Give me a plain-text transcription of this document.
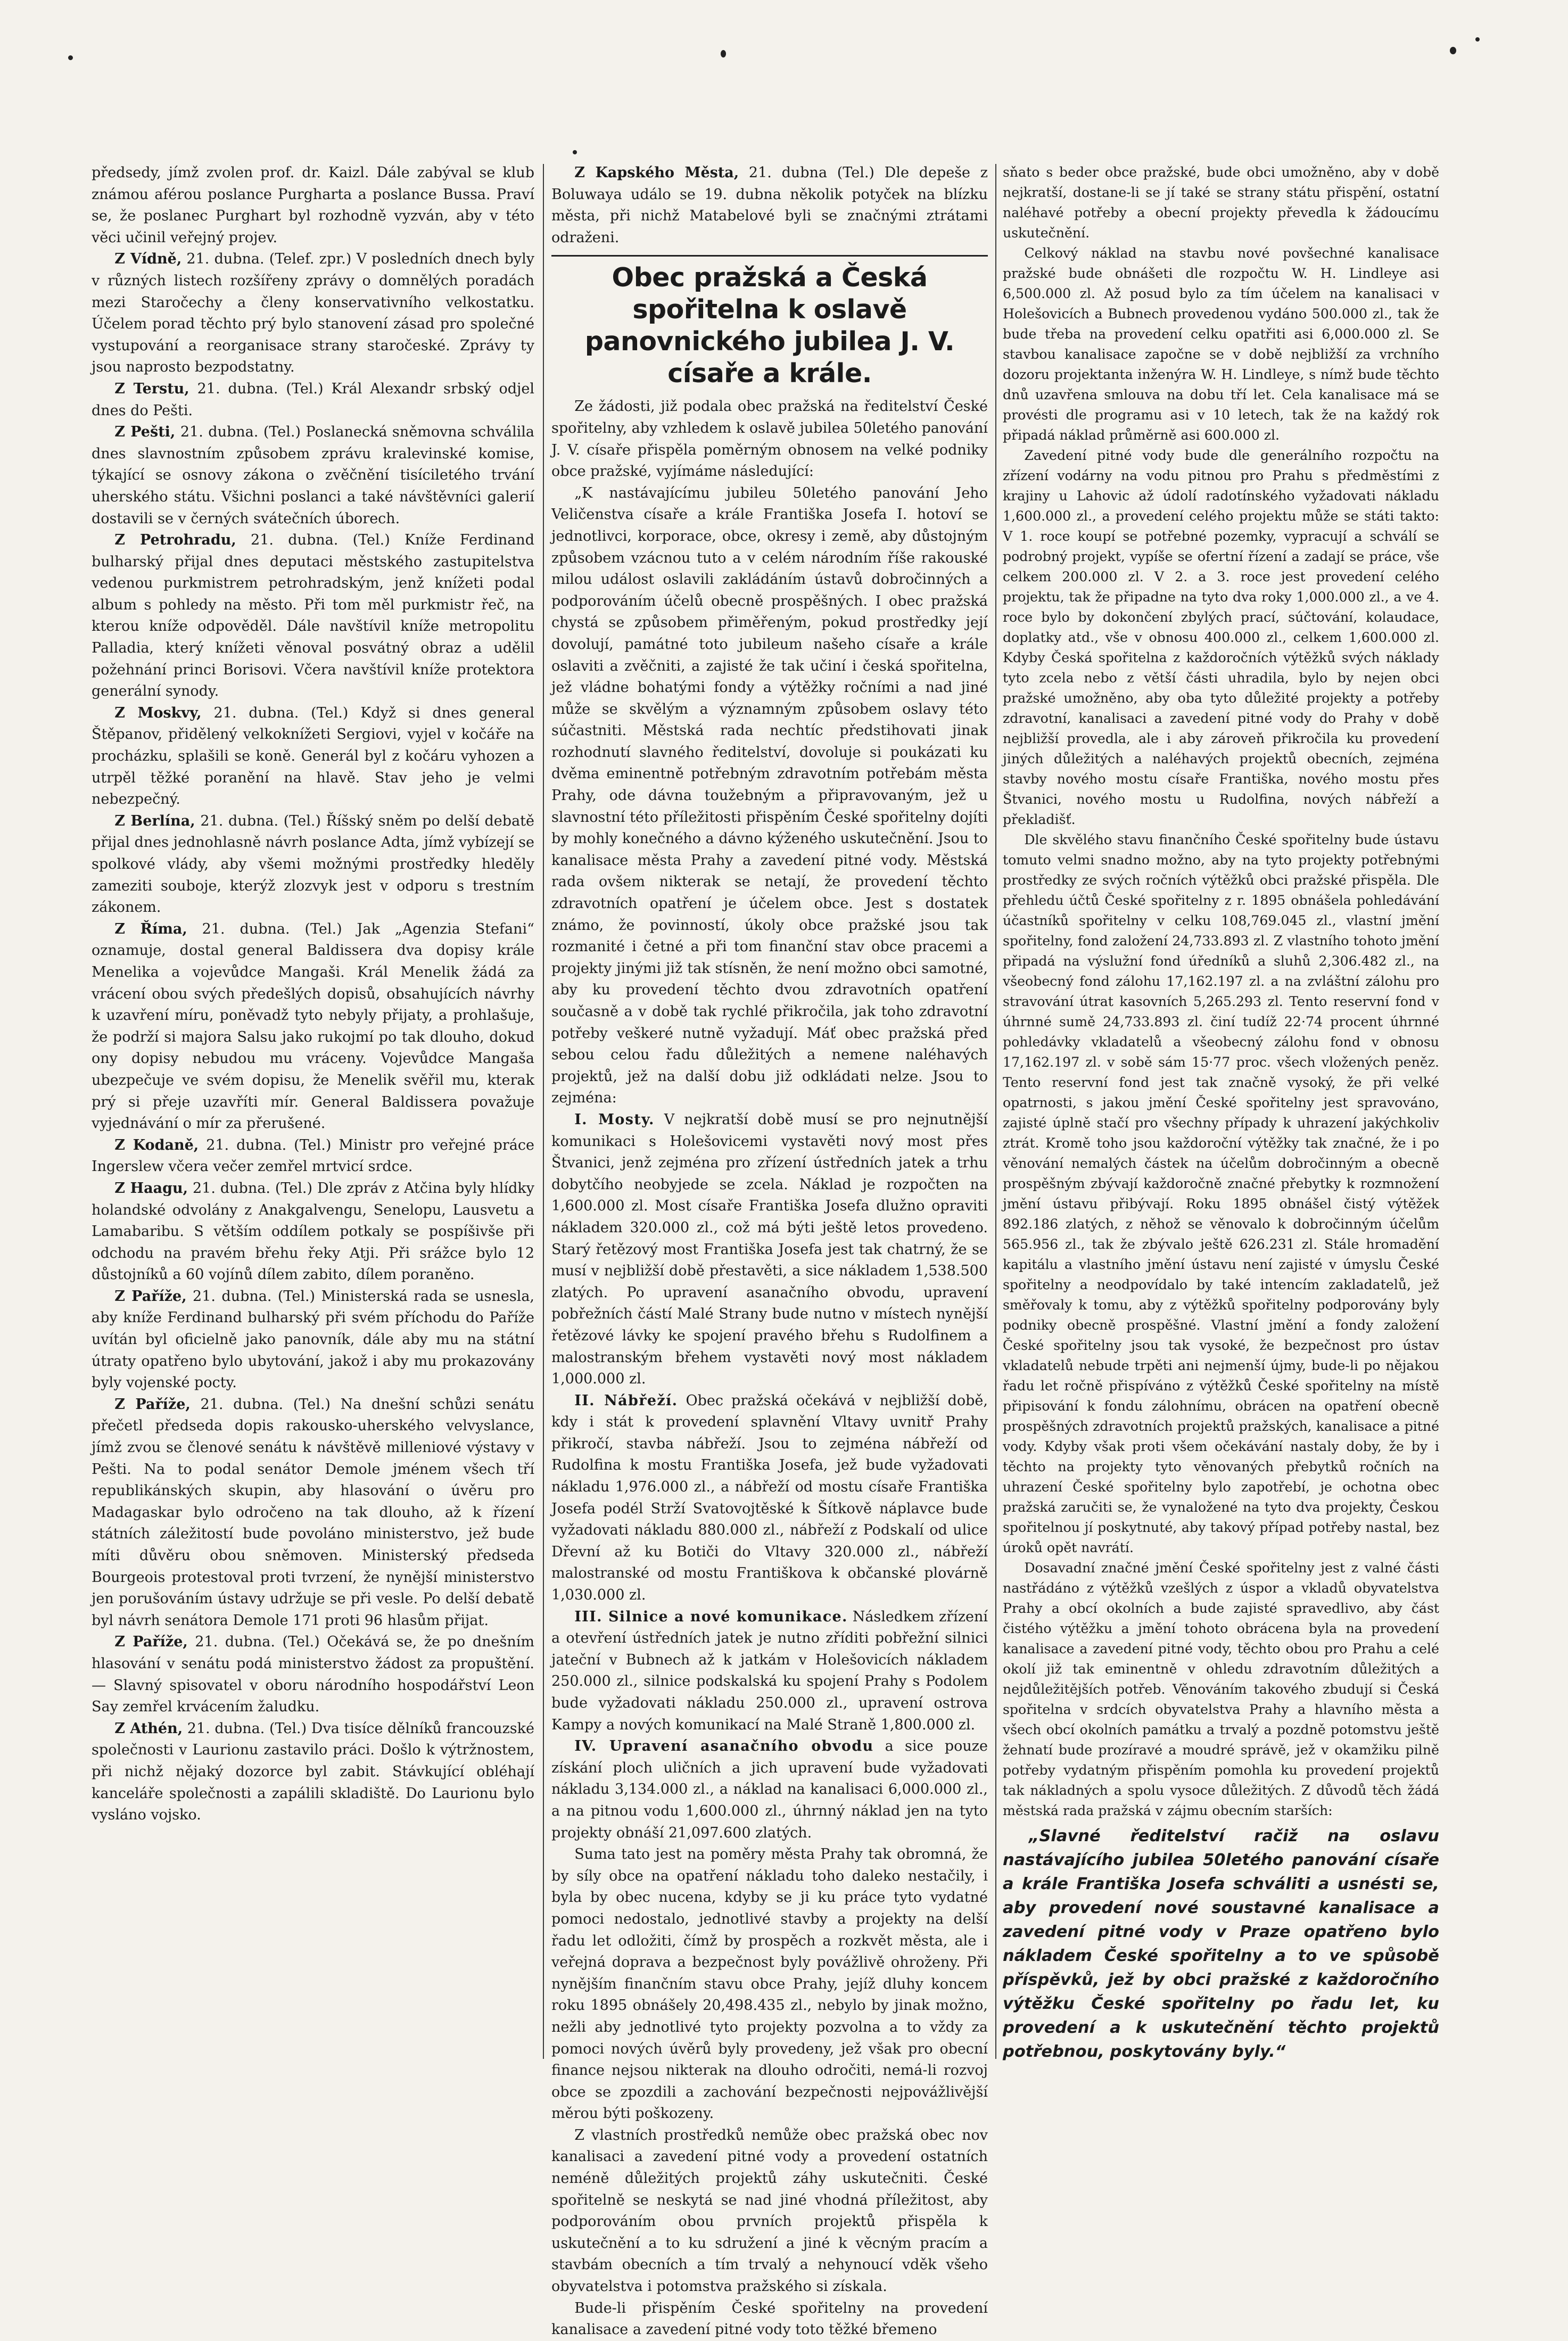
předsedy, jímž zvolen prof. dr. Kaizl. Dále zabýval se klub známou aférou poslance Purgharta a poslance Bussa. Praví se, že poslanec Purghart byl rozhodně vyzván, aby v této věci učinil veřejný projev.

Z Vídně, 21. dubna. (Telef. zpr.) V posledních dnech byly v různých listech rozšířeny zprávy o domnělých poradách mezi Staročechy a členy konservativního velkostatku. Účelem porad těchto prý bylo stanovení zásad pro společné vystupování a reorganisace strany staročeské. Zprávy ty jsou naprosto bezpodstatny.

Z Terstu, 21. dubna. (Tel.) Král Alexandr srbský odjel dnes do Pešti.

Z Pešti, 21. dubna. (Tel.) Poslanecká sněmovna schválila dnes slavnostním způsobem zprávu kralevinské komise, týkající se osnovy zákona o zvěčnění tisíciletého trvání uherského státu. Všichni poslanci a také návštěvníci galerií dostavili se v černých svátečních úborech.

Z Petrohradu, 21. dubna. (Tel.) Kníže Ferdinand bulharský přijal dnes deputaci městského zastupitelstva vedenou purkmistrem petrohradským, jenž knížeti podal album s pohledy na město. Při tom měl purkmistr řeč, na kterou kníže odpověděl. Dále navštívil kníže metropolitu Palladia, který knížeti věnoval posvátný obraz a udělil požehnání princi Borisovi. Včera navštívil kníže protektora generální synody.

Z Moskvy, 21. dubna. (Tel.) Když si dnes general Štěpanov, přidělený velkoknížeti Sergiovi, vyjel v kočáře na procházku, splašili se koně. Generál byl z kočáru vyhozen a utrpěl těžké poranění na hlavě. Stav jeho je velmi nebezpečný.

Z Berlína, 21. dubna. (Tel.) Říšský sněm po delší debatě přijal dnes jednohlasně návrh poslance Adta, jímž vybízejí se spolkové vlády, aby všemi možnými prostředky hleděly zameziti souboje, kterýž zlozvyk jest v odporu s trestním zákonem.

Z Říma, 21. dubna. (Tel.) Jak „Agenzia Stefani“ oznamuje, dostal general Baldissera dva dopisy krále Menelika a vojevůdce Mangaši. Král Menelik žádá za vrácení obou svých předešlých dopisů, obsahujících návrhy k uzavření míru, poněvadž tyto nebyly přijaty, a prohlašuje, že podrží si majora Salsu jako rukojmí po tak dlouho, dokud ony dopisy nebudou mu vráceny. Vojevůdce Mangaša ubezpečuje ve svém dopisu, že Menelik svěřil mu, kterak prý si přeje uzavříti mír. General Baldissera považuje vyjednávání o mír za přerušené.

Z Kodaně, 21. dubna. (Tel.) Ministr pro veřejné práce Ingerslew včera večer zemřel mrtvicí srdce.

Z Haagu, 21. dubna. (Tel.) Dle zpráv z Atčina byly hlídky holandské odvolány z Anakgalvengu, Senelopu, Lausvetu a Lamabaribu. S větším oddílem potkaly se pospíšivše při odchodu na pravém břehu řeky Atji. Při srážce bylo 12 důstojníků a 60 vojínů dílem zabito, dílem poraněno.

Z Paříže, 21. dubna. (Tel.) Ministerská rada se usnesla, aby kníže Ferdinand bulharský při svém příchodu do Paříže uvítán byl oficielně jako panovník, dále aby mu na státní útraty opatřeno bylo ubytování, jakož i aby mu prokazovány byly vojenské pocty.

Z Paříže, 21. dubna. (Tel.) Na dnešní schůzi senátu přečetl předseda dopis rakousko-uherského velvyslance, jímž zvou se členové senátu k návštěvě milleniové výstavy v Pešti. Na to podal senátor Demole jménem všech tří republikánských skupin, aby hlasování o úvěru pro Madagaskar bylo odročeno na tak dlouho, až k řízení státních záležitostí bude povoláno ministerstvo, jež bude míti důvěru obou sněmoven. Ministerský předseda Bourgeois protestoval proti tvrzení, že nynější ministerstvo jen porušováním ústavy udržuje se při vesle. Po delší debatě byl návrh senátora Demole 171 proti 96 hlasům přijat.

Z Paříže, 21. dubna. (Tel.) Očekává se, že po dnešním hlasování v senátu podá ministerstvo žádost za propuštění. — Slavný spisovatel v oboru národního hospodářství Leon Say zemřel krvácením žaludku.

Z Athén, 21. dubna. (Tel.) Dva tisíce dělníků francouzské společnosti v Laurionu zastavilo práci. Došlo k výtržnostem, při nichž nějaký dozorce byl zabit. Stávkující obléhají kanceláře společnosti a zapálili skladiště. Do Laurionu bylo vysláno vojsko.

Z Kapského Města, 21. dubna (Tel.) Dle depeše z Boluwaya událo se 19. dubna několik potyček na blízku města, při nichž Matabelové byli se značnými ztrátami odraženi.

Obec pražská a Česká spořitelna k oslavě panovnického jubilea J. V. císaře a krále.

Ze žádosti, již podala obec pražská na ředitelství České spořitelny, aby vzhledem k oslavě jubilea 50letého panování J. V. císaře přispěla poměrným obnosem na velké podniky obce pražské, vyjímáme následující:

„K nastávajícímu jubileu 50letého panování Jeho Veličenstva císaře a krále Františka Josefa I. hotoví se jednotlivci, korporace, obce, okresy i země, aby důstojným způsobem vzácnou tuto a v celém národním říše rakouské milou událost oslavili zakládáním ústavů dobročinných a podporováním účelů obecně prospěšných. I obec pražská chystá se způsobem přiměřeným, pokud prostředky její dovolují, památné toto jubileum našeho císaře a krále oslaviti a zvěčniti, a zajisté že tak učiní i česká spořitelna, jež vládne bohatými fondy a výtěžky ročními a nad jiné může se skvělým a významným způsobem oslavy této súčastniti. Městská rada nechtíc předstihovati jinak rozhodnutí slavného ředitelství, dovoluje si poukázati ku dvěma eminentně potřebným zdravotním potřebám města Prahy, ode dávna toužebným a připravovaným, jež u slavnostní této příležitosti přispěním České spořitelny dojíti by mohly konečného a dávno kýženého uskutečnění. Jsou to kanalisace města Prahy a zavedení pitné vody. Městská rada ovšem nikterak se netají, že provedení těchto zdravotních opatření je účelem obce. Jest s dostatek známo, že povinností, úkoly obce pražské jsou tak rozmanité i četné a při tom finanční stav obce pracemi a projekty jinými již tak stísněn, že není možno obci samotné, aby ku provedení těchto dvou zdravotních opatření současně a v době tak rychlé přikročila, jak toho zdravotní potřeby veškeré nutně vyžadují. Máť obec pražská před sebou celou řadu důležitých a nemene naléhavých projektů, jež na další dobu již odkládati nelze. Jsou to zejména:

I. Mosty. V nejkratší době musí se pro nejnutnější komunikaci s Holešovicemi vystavěti nový most přes Štvanici, jenž zejména pro zřízení ústředních jatek a trhu dobytčího neobyjede se zcela. Náklad je rozpočten na 1,600.000 zl. Most císaře Františka Josefa dlužno opraviti nákladem 320.000 zl., což má býti ještě letos provedeno. Starý řetězový most Františka Josefa jest tak chatrný, že se musí v nejbližší době přestavěti, a sice nákladem 1,538.500 zlatých. Po upravení asanačního obvodu, upravení pobřežních částí Malé Strany bude nutno v místech nynější řetězové lávky ke spojení pravého břehu s Rudolfinem a malostranským břehem vystavěti nový most nákladem 1,000.000 zl.

II. Nábřeží. Obec pražská očekává v nejbližší době, kdy i stát k provedení splavnění Vltavy uvnitř Prahy přikročí, stavba nábřeží. Jsou to zejména nábřeží od Rudolfina k mostu Františka Josefa, jež bude vyžadovati nákladu 1,976.000 zl., a nábřeží od mostu císaře Františka Josefa podél Strží Svatovojtěské k Šítkově náplavce bude vyžadovati nákladu 880.000 zl., nábřeží z Podskalí od ulice Dřevní až ku Botiči do Vltavy 320.000 zl., nábřeží malostranské od mostu Františkova k občanské plovárně 1,030.000 zl.

III. Silnice a nové komunikace. Následkem zřízení a otevření ústředních jatek je nutno zříditi pobřežní silnici jateční v Bubnech až k jatkám v Holešovicích nákladem 250.000 zl., silnice podskalská ku spojení Prahy s Podolem bude vyžadovati nákladu 250.000 zl., upravení ostrova Kampy a nových komunikací na Malé Straně 1,800.000 zl.

IV. Upravení asanačního obvodu a sice pouze získání ploch uličních a jich upravení bude vyžadovati nákladu 3,134.000 zl., a náklad na kanalisaci 6,000.000 zl., a na pitnou vodu 1,600.000 zl., úhrnný náklad jen na tyto projekty obnáší 21,097.600 zlatých.

Suma tato jest na poměry města Prahy tak obromná, že by síly obce na opatření nákladu toho daleko nestačily, i byla by obec nucena, kdyby se ji ku práce tyto vydatné pomoci nedostalo, jednotlivé stavby a projekty na delší řadu let odložiti, čímž by prospěch a rozkvět města, ale i veřejná dopravа a bezpečnost byly povážlivě ohroženy. Při nynějším finančním stavu obce Prahy, jejíž dluhy koncem roku 1895 obnášely 20,498.435 zl., nebylo by jinak možno, nežli aby jednotlivé tyto projekty pozvolna a to vždy za pomoci nových úvěrů byly provedeny, jež však pro obecní finance nejsou nikterak na dlouho odročiti, nemá-li rozvoj obce se zpozdili a zachování bezpečnosti nejpovážlivější měrou býti poškozeny.

Z vlastních prostředků nemůže obec pražská obec nov kanalisaci a zavedení pitné vody a provedení ostatních neméně důležitých projektů záhy uskutečniti. České spořitelně se neskytá se nad jiné vhodná příležitost, aby podporováním obou prvních projektů přispěla k uskutečnění a to ku sdružení a jiné k věcným pracím a stavbám obecních a tím trvalý a nehynoucí vděk všeho obyvatelstva i potomstva pražského si získala.

Bude-li přispěním České spořitelny na provedení kanalisace a zavedení pitné vody toto těžké břemeno

sňato s beder obce pražské, bude obci umožněno, aby v době nejkratší, dostane-li se jí také se strany státu přispění, ostatní naléhavé potřeby a obecní projekty převedla k žádoucímu uskutečnění.

Celkový náklad na stavbu nové povšechné kanalisace pražské bude obnášeti dle rozpočtu W. H. Lindleye asi 6,500.000 zl. Až posud bylo za tím účelem na kanalisaci v Holešovicích a Bubnech provedenou vydáno 500.000 zl., tak že bude třeba na provedení celku opatřiti asi 6,000.000 zl. Se stavbou kanalisace započne se v době nejbližší za vrchního dozoru projektanta inženýra W. H. Lindleye, s nímž bude těchto dnů uzavřena smlouva na dobu tří let. Cela kanalisace má se provésti dle programu asi v 10 letech, tak že na každý rok připadá náklad průměrně asi 600.000 zl.

Zavedení pitné vody bude dle generálního rozpočtu na zřízení vodárny na vodu pitnou pro Prahu s předměstími z krajiny u Lahovic až údolí radotínského vyžadovati nákladu 1,600.000 zl., a provedení celého projektu může se státi takto: V 1. roce koupí se potřebné pozemky, vypracují a schválí se podrobný projekt, vypíše se ofertní řízení a zadají se práce, vše celkem 200.000 zl. V 2. a 3. roce jest provedení celého projektu, tak že připadne na tyto dva roky 1,000.000 zl., a ve 4. roce bylo by dokončení zbylých prací, súčtování, kolaudace, doplatky atd., vše v obnosu 400.000 zl., celkem 1,600.000 zl. Kdyby Česká spořitelna z každoročních výtěžků svých náklady tyto zcela nebo z větší části uhradila, bylo by nejen obci pražské umožněno, aby oba tyto důležité projekty a potřeby zdravotní, kanalisaci a zavedení pitné vody do Prahy v době nejbližší provedla, ale i aby zároveň přikročila ku provedení jiných důležitých a naléhavých projektů obecních, zejména stavby nového mostu císaře Františka, nového mostu přes Štvanici, nového mostu u Rudolfina, nových nábřeží a překladišť.

Dle skvělého stavu finančního České spořitelny bude ústavu tomuto velmi snadno možno, aby na tyto projekty potřebnými prostředky ze svých ročních výtěžků obci pražské přispěla. Dle přehledu účtů České spořitelny z r. 1895 obnášela pohledávání účastníků spořitelny v celku 108,769.045 zl., vlastní jmění spořitelny, fond založení 24,733.893 zl. Z vlastního tohoto jmění připadá na výslužní fond úředníků a sluhů 2,306.482 zl., na všeobecný fond zálohu 17,162.197 zl. a na zvláštní zálohu pro stravování útrat kasovních 5,265.293 zl. Tento reservní fond v úhrnné sumě 24,733.893 zl. činí tudíž 22·74 procent úhrnné pohledávky vkladatelů a všeobecný zálohu fond v obnosu 17,162.197 zl. v sobě sám 15·77 proc. všech vložených peněz. Tento reservní fond jest tak značně vysoký, že při velké opatrnosti, s jakou jmění České spořitelny jest spravováno, zajisté úplně stačí pro všechny případy k uhrazení jakýchkoliv ztrát. Kromě toho jsou každoroční výtěžky tak značné, že i po věnování nemalých částek na účelům dobročinným a obecně prospěšným zbývají každoročně značné přebytky k rozmnožení jmění ústavu přibývají. Roku 1895 obnášel čistý výtěžek 892.186 zlatých, z něhož se věnovalo k dobročinným účelům 565.956 zl., tak že zbývalo ještě 626.231 zl. Stále hromadění kapitálu a vlastního jmění ústavu není zajisté v úmyslu České spořitelny a neodpovídalo by také intencím zakladatelů, jež směřovaly k tomu, aby z výtěžků spořitelny podporovány byly podniky obecně prospěšné. Vlastní jmění a fondy založení České spořitelny jsou tak vysoké, že bezpečnost pro ústav vkladatelů nebude trpěti ani nejmenší újmy, bude-li po nějakou řadu let ročně přispíváno z výtěžků České spořitelny na místě připisování k fondu zálohnímu, obrácen na opatření obecně prospěšných zdravotních projektů pražských, kanalisace a pitné vody. Kdyby však proti všem očekávání nastaly doby, že by i těchto na projekty tyto věnovaných přebytků ročních na uhrazení České spořitelny bylo zapotřebí, je ochotna obec pražská zaručiti se, že vynaložené na tyto dva projekty, Českou spořitelnou jí poskytnuté, aby takový případ potřeby nastal, bez úroků opět navrátí.

Dosavadní značné jmění České spořitelny jest z valné části nastřádáno z výtěžků vzešlých z úspor a vkladů obyvatelstva Prahy a obcí okolních a bude zajisté spravedlivo, aby část čistého výtěžku a jmění tohoto obrácena byla na provedení kanalisace a zavedení pitné vody, těchto obou pro Prahu a celé okolí již tak eminentně v ohledu zdravotním důležitých a nejdůležitějších potřeb. Věnováním takového zbudují si Česká spořitelna v srdcích obyvatelstva Prahy a hlavního města a všech obcí okolních památku a trvalý a pozdně potomstvu ještě žehnatí bude prozíravé a moudré správě, jež v okamžiku pilně potřeby vydatným přispěním pomohla ku provedení projektů tak nákladných a spolu vysoce důležitých. Z důvodů těch žádá městská rada pražská v zájmu obecním starších:

„Slavné ředitelství račiž na oslavu nastávajícího jubilea 50letého panování císaře a krále Františka Josefa schváliti a usnésti se, aby provedení nové soustavné kanalisace a zavedení pitné vody v Praze opatřeno bylo nákladem České spořitelny a to ve spůsobě příspěvků, jež by obci pražské z každoročního výtěžku České spořitelny po řadu let, ku provedení a k uskutečnění těchto projektů potřebnou, poskytovány byly.“
